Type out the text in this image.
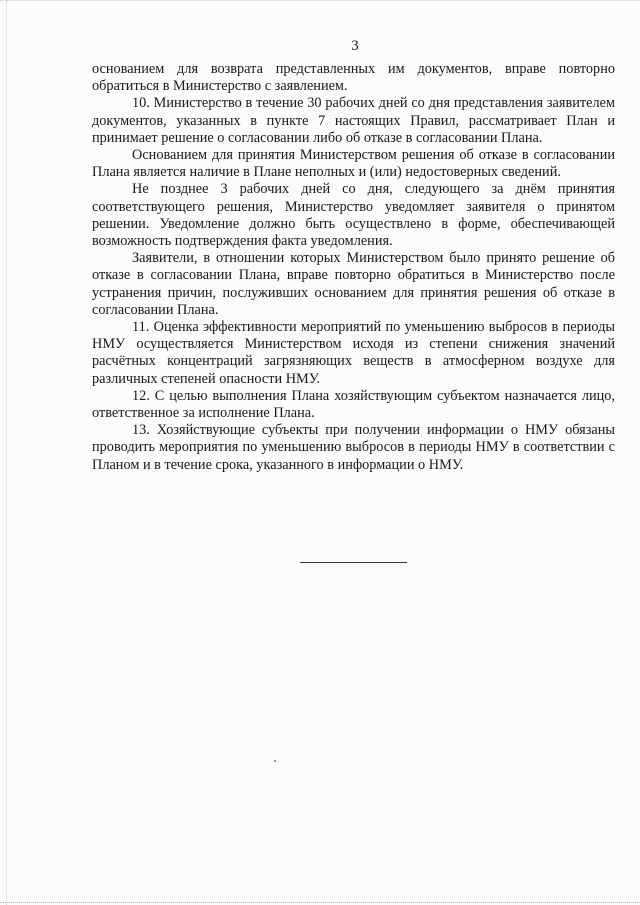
3

основанием для возврата представленных им документов, вправе повторно обратиться в Министерство с заявлением.

10. Министерство в течение 30 рабочих дней со дня представления заявителем документов, указанных в пункте 7 настоящих Правил, рассматривает План и принимает решение о согласовании либо об отказе в согласовании Плана.

Основанием для принятия Министерством решения об отказе в согласовании Плана является наличие в Плане неполных и (или) недостоверных сведений.

Не позднее 3 рабочих дней со дня, следующего за днём принятия соответствующего решения, Министерство уведомляет заявителя о принятом решении. Уведомление должно быть осуществлено в форме, обеспечивающей возможность подтверждения факта уведомления.

Заявители, в отношении которых Министерством было принято решение об отказе в согласовании Плана, вправе повторно обратиться в Министерство после устранения причин, послуживших основанием для принятия решения об отказе в согласовании Плана.

11. Оценка эффективности мероприятий по уменьшению выбросов в периоды НМУ осуществляется Министерством исходя из степени снижения значений расчётных концентраций загрязняющих веществ в атмосферном воздухе для различных степеней опасности НМУ.

12. С целью выполнения Плана хозяйствующим субъектом назначается лицо, ответственное за исполнение Плана.

13. Хозяйствующие субъекты при получении информации о НМУ обязаны проводить мероприятия по уменьшению выбросов в периоды НМУ в соответствии с Планом и в течение срока, указанного в информации о НМУ.
